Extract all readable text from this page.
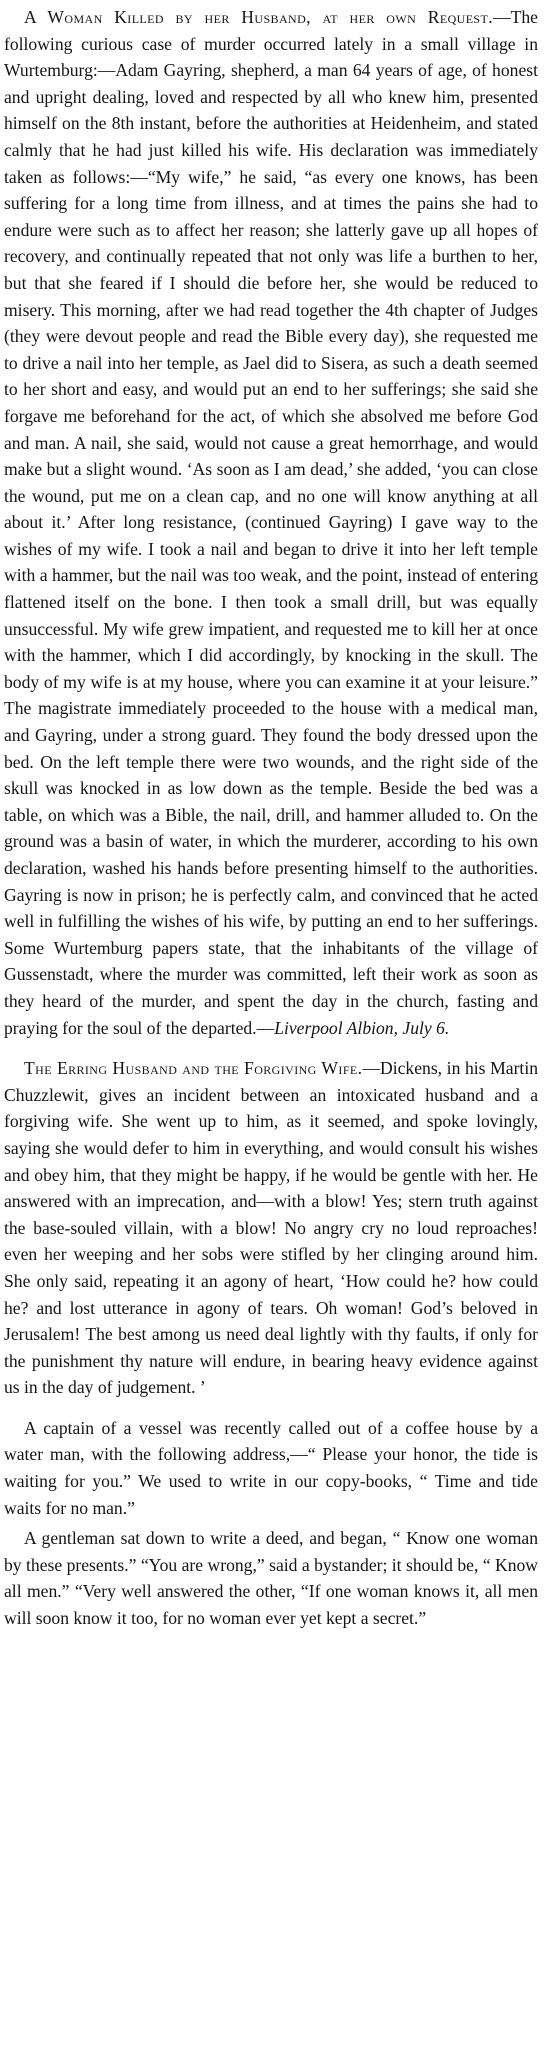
A Woman Killed by her Husband, at her own Request.—The following curious case of murder occurred lately in a small village in Wurtemburg:—Adam Gayring, shepherd, a man 64 years of age, of honest and upright dealing, loved and respected by all who knew him, presented himself on the 8th instant, before the authorities at Heidenheim, and stated calmly that he had just killed his wife. His declaration was immediately taken as follows:—“My wife,” he said, “as every one knows, has been suffering for a long time from illness, and at times the pains she had to endure were such as to affect her reason; she latterly gave up all hopes of recovery, and continually repeated that not only was life a burthen to her, but that she feared if I should die before her, she would be reduced to misery. This morning, after we had read together the 4th chapter of Judges (they were devout people and read the Bible every day), she requested me to drive a nail into her temple, as Jael did to Sisera, as such a death seemed to her short and easy, and would put an end to her sufferings; she said she forgave me beforehand for the act, of which she absolved me before God and man. A nail, she said, would not cause a great hemorrhage, and would make but a slight wound. ‘As soon as I am dead,’ she added, ‘you can close the wound, put me on a clean cap, and no one will know anything at all about it.’ After long resistance, (continued Gayring) I gave way to the wishes of my wife. I took a nail and began to drive it into her left temple with a hammer, but the nail was too weak, and the point, instead of entering flattened itself on the bone. I then took a small drill, but was equally unsuccessful. My wife grew impatient, and requested me to kill her at once with the hammer, which I did accordingly, by knocking in the skull. The body of my wife is at my house, where you can examine it at your leisure.” The magistrate immediately proceeded to the house with a medical man, and Gayring, under a strong guard. They found the body dressed upon the bed. On the left temple there were two wounds, and the right side of the skull was knocked in as low down as the temple. Beside the bed was a table, on which was a Bible, the nail, drill, and hammer alluded to. On the ground was a basin of water, in which the murderer, according to his own declaration, washed his hands before presenting himself to the authorities. Gayring is now in prison; he is perfectly calm, and convinced that he acted well in fulfilling the wishes of his wife, by putting an end to her sufferings. Some Wurtemburg papers state, that the inhabitants of the village of Gussenstadt, where the murder was committed, left their work as soon as they heard of the murder, and spent the day in the church, fasting and praying for the soul of the departed.—Liverpool Albion, July 6.

The Erring Husband and the Forgiving Wife.—Dickens, in his Martin Chuzzlewit, gives an incident between an intoxicated husband and a forgiving wife. She went up to him, as it seemed, and spoke lovingly, saying she would defer to him in everything, and would consult his wishes and obey him, that they might be happy, if he would be gentle with her. He answered with an imprecation, and—with a blow! Yes; stern truth against the base-souled villain, with a blow! No angry cry no loud reproaches! even her weeping and her sobs were stifled by her clinging around him. She only said, repeating it an agony of heart, ‘How could he? how could he? and lost utterance in agony of tears. Oh woman! God’s beloved in Jerusalem! The best among us need deal lightly with thy faults, if only for the punishment thy nature will endure, in bearing heavy evidence against us in the day of judgement. ’

A captain of a vessel was recently called out of a coffee house by a water man, with the following address,—“ Please your honor, the tide is waiting for you.” We used to write in our copy-books, “ Time and tide waits for no man.”

A gentleman sat down to write a deed, and began, “ Know one woman by these presents.” “You are wrong,” said a bystander; it should be, “ Know all men.” “Very well answered the other, “If one woman knows it, all men will soon know it too, for no woman ever yet kept a secret.”
